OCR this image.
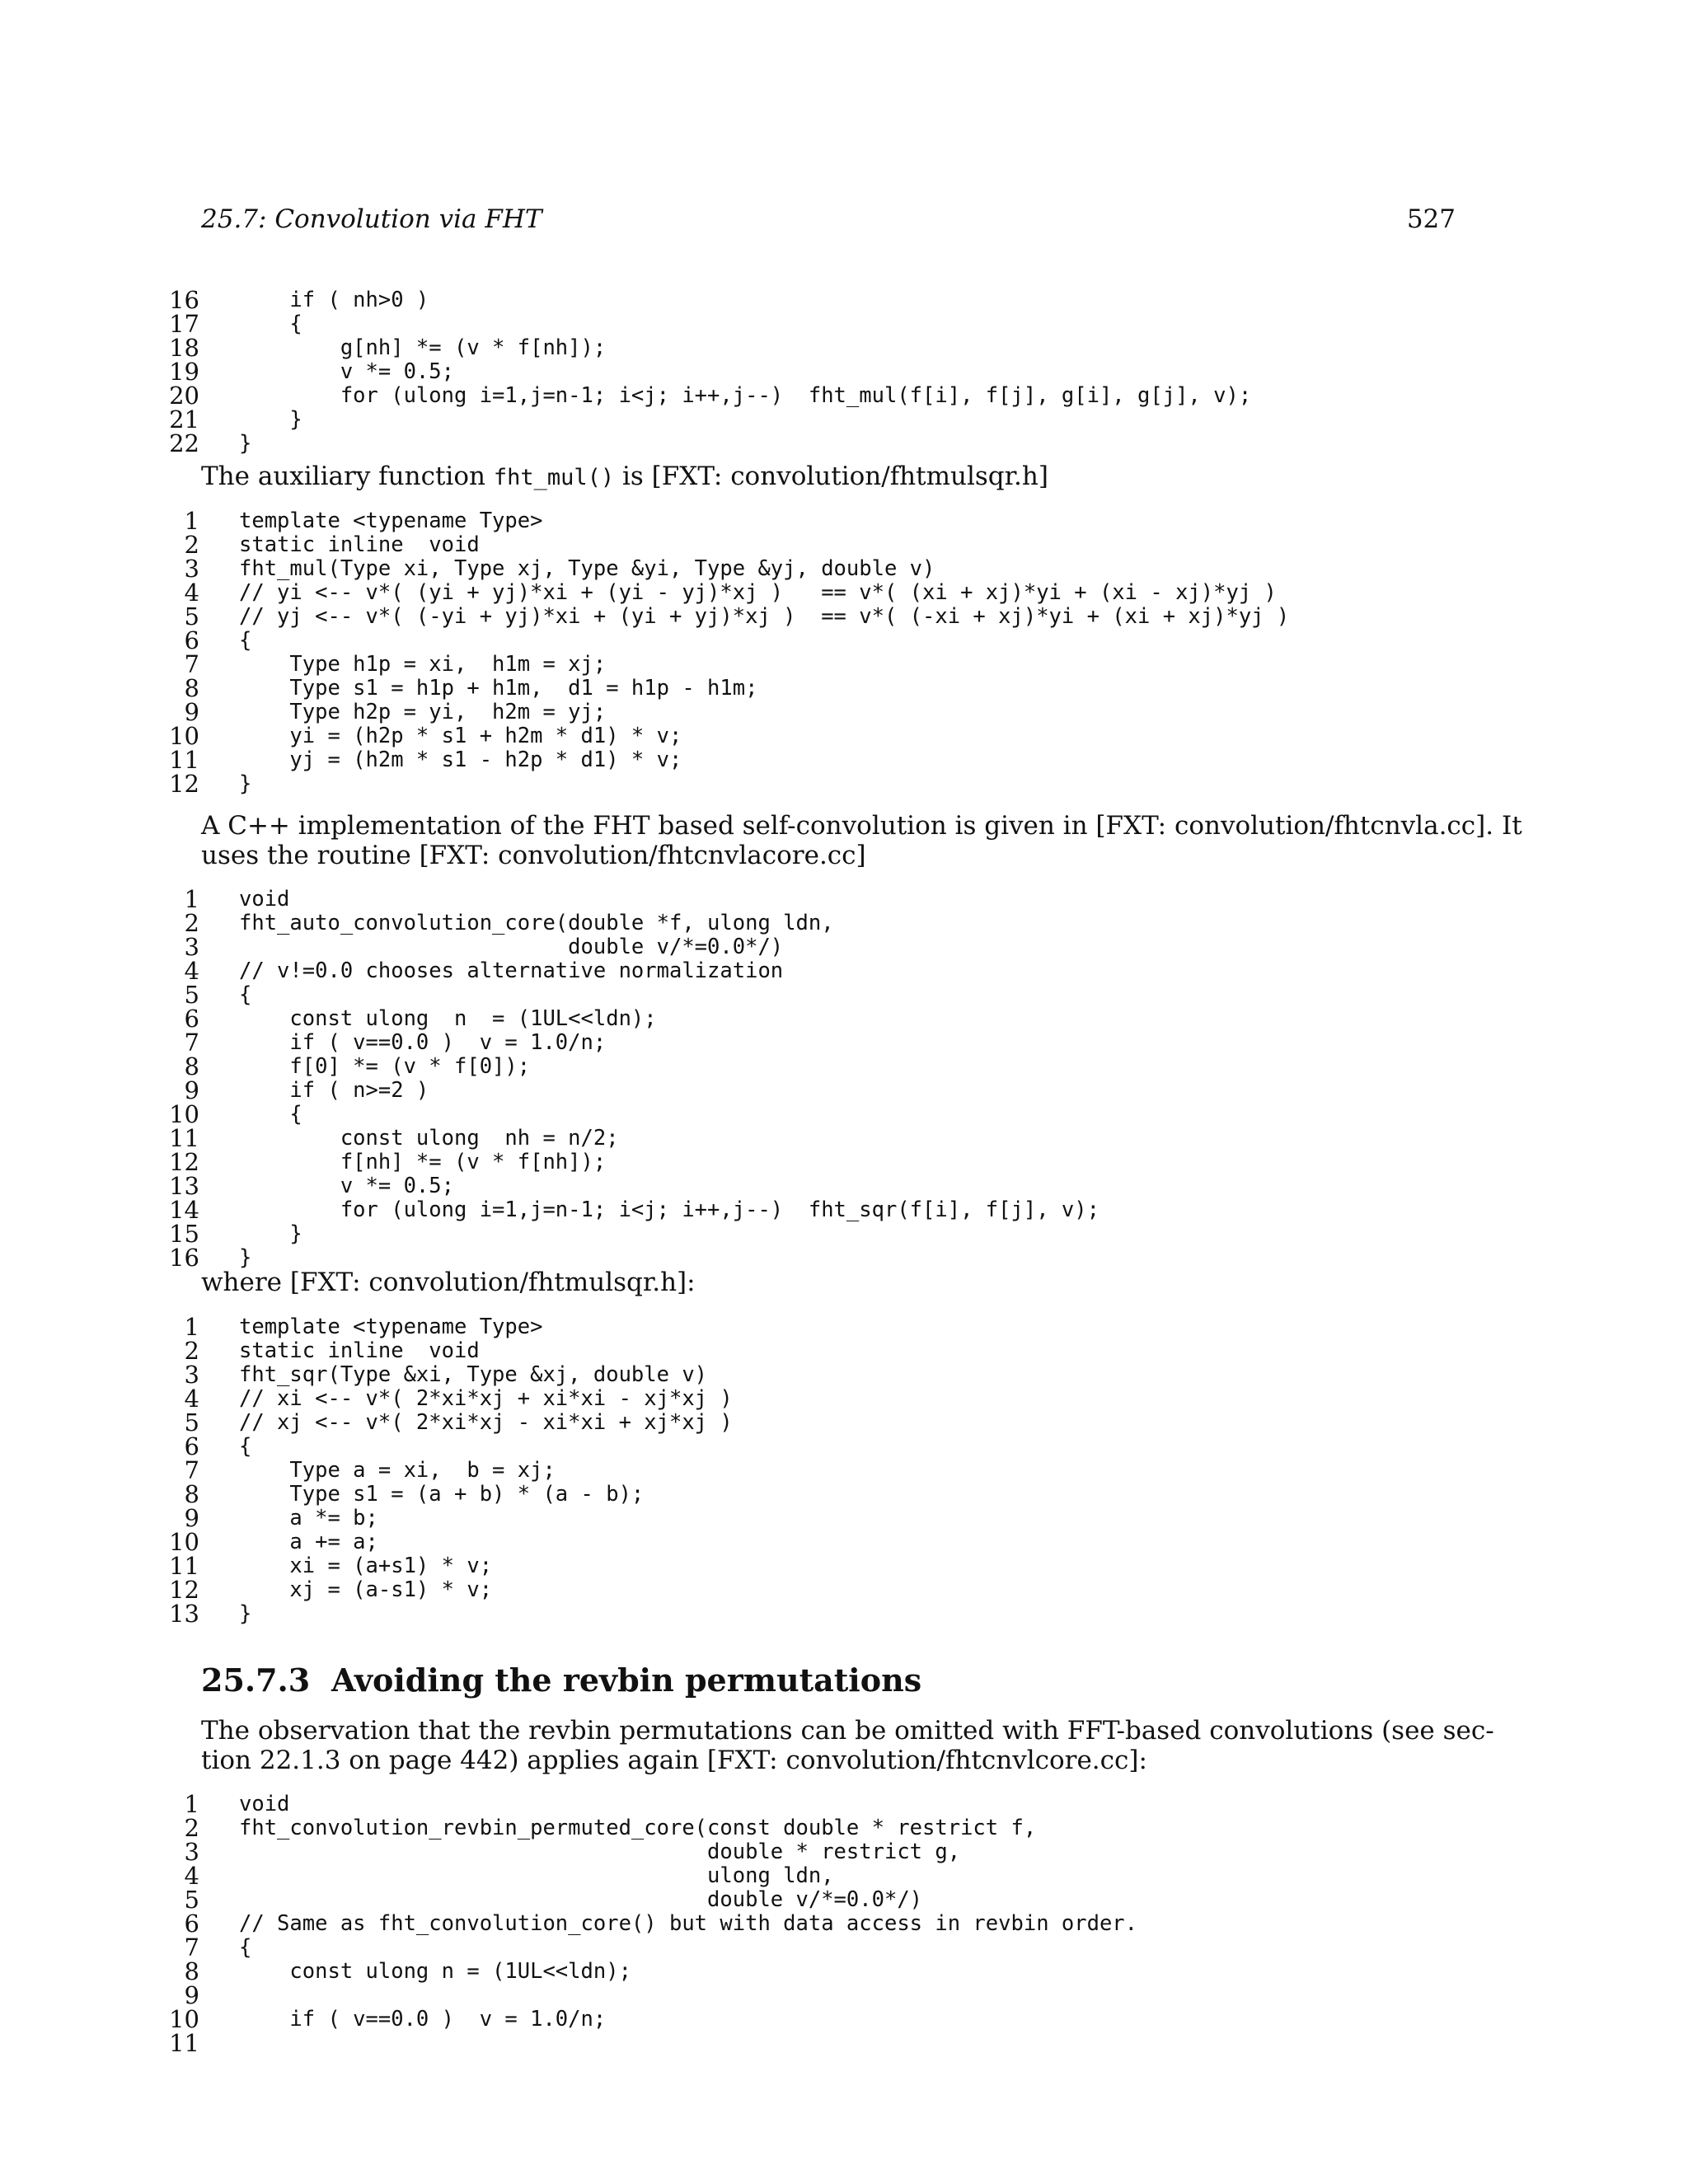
25.7: Convolution via FHT	527
16 if ( nh>0 )
17 {
18 g[nh] *= (v * f[nh]);
19 v *= 0.5;
20 for (ulong i=1,j=n-1; i<j; i++,j--)  fht_mul(f[i], f[j], g[i], g[j], v);
21 }
22 }
The auxiliary function fht_mul() is [FXT: convolution/fhtmulsqr.h]
1 template <typename Type>
2 static inline  void
3 fht_mul(Type xi, Type xj, Type &yi, Type &yj, double v)
4 // yi <-- v*( (yi + yj)*xi + (yi - yj)*xj )   == v*( (xi + xj)*yi + (xi - xj)*yj )
5 // yj <-- v*( (-yi + yj)*xi + (yi + yj)*xj )  == v*( (-xi + xj)*yi + (xi + xj)*yj )
6 {
7 Type h1p = xi,  h1m = xj;
8 Type s1 = h1p + h1m,  d1 = h1p - h1m;
9 Type h2p = yi,  h2m = yj;
10 yi = (h2p * s1 + h2m * d1) * v;
11 yj = (h2m * s1 - h2p * d1) * v;
12 }
A C++ implementation of the FHT based self-convolution is given in [FXT: convolution/fhtcnvla.cc]. It
uses the routine [FXT: convolution/fhtcnvlacore.cc]
1 void
2 fht_auto_convolution_core(double *f, ulong ldn,
3 double v/*=0.0*/)
4 // v!=0.0 chooses alternative normalization
5 {
6 const ulong  n  = (1UL<<ldn);
7 if ( v==0.0 )  v = 1.0/n;
8 f[0] *= (v * f[0]);
9 if ( n>=2 )
10 {
11 const ulong  nh = n/2;
12 f[nh] *= (v * f[nh]);
13 v *= 0.5;
14 for (ulong i=1,j=n-1; i<j; i++,j--)  fht_sqr(f[i], f[j], v);
15 }
16 }
where [FXT: convolution/fhtmulsqr.h]:
1 template <typename Type>
2 static inline  void
3 fht_sqr(Type &xi, Type &xj, double v)
4 // xi <-- v*( 2*xi*xj + xi*xi - xj*xj )
5 // xj <-- v*( 2*xi*xj - xi*xi + xj*xj )
6 {
7 Type a = xi,  b = xj;
8 Type s1 = (a + b) * (a - b);
9 a *= b;
10 a += a;
11 xi = (a+s1) * v;
12 xj = (a-s1) * v;
13 }
25.7.3 Avoiding the revbin permutations
The observation that the revbin permutations can be omitted with FFT-based convolutions (see sec-
tion 22.1.3 on page 442) applies again [FXT: convolution/fhtcnvlcore.cc]:
1 void
2 fht_convolution_revbin_permuted_core(const double * restrict f,
3 double * restrict g,
4 ulong ldn,
5 double v/*=0.0*/)
6 // Same as fht_convolution_core() but with data access in revbin order.
7 {
8 const ulong n = (1UL<<ldn);
9
10 if ( v==0.0 )  v = 1.0/n;
11
